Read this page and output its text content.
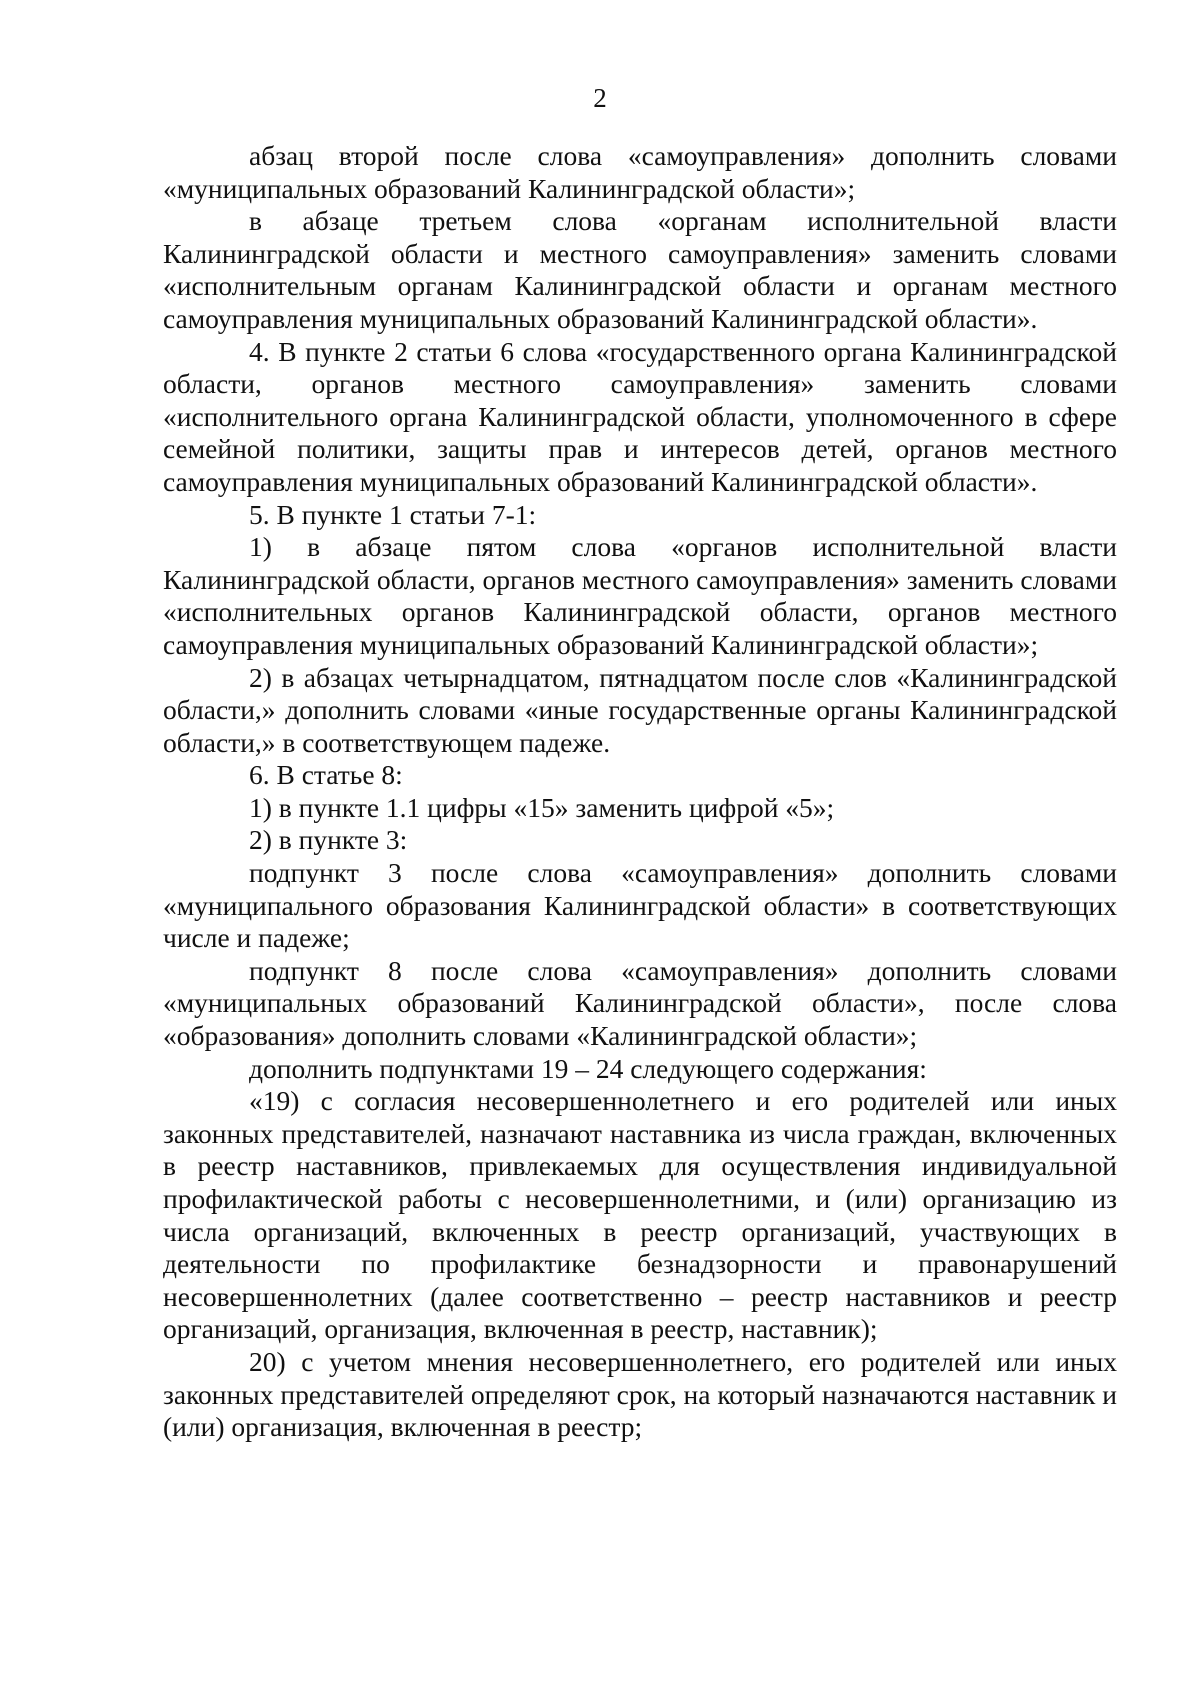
2

абзац второй после слова «самоуправления» дополнить словами «муниципальных образований Калининградской области»;

в абзаце третьем слова «органам исполнительной власти Калининградской области и местного самоуправления» заменить словами «исполнительным органам Калининградской области и органам местного самоуправления муниципальных образований Калининградской области».

4. В пункте 2 статьи 6 слова «государственного органа Калининградской области, органов местного самоуправления» заменить словами «исполнительного органа Калининградской области, уполномоченного в сфере семейной политики, защиты прав и интересов детей, органов местного самоуправления муниципальных образований Калининградской области».

5. В пункте 1 статьи 7-1:

1) в абзаце пятом слова «органов исполнительной власти Калининградской области, органов местного самоуправления» заменить словами «исполнительных органов Калининградской области, органов местного самоуправления муниципальных образований Калининградской области»;

2) в абзацах четырнадцатом, пятнадцатом после слов «Калининградской области,» дополнить словами «иные государственные органы Калининградской области,» в соответствующем падеже.

6. В статье 8:

1) в пункте 1.1 цифры «15» заменить цифрой «5»;

2) в пункте 3:

подпункт 3 после слова «самоуправления» дополнить словами «муниципального образования Калининградской области» в соответствующих числе и падеже;

подпункт 8 после слова «самоуправления» дополнить словами «муниципальных образований Калининградской области», после слова «образования» дополнить словами «Калининградской области»;

дополнить подпунктами 19 – 24 следующего содержания:

«19) с согласия несовершеннолетнего и его родителей или иных законных представителей, назначают наставника из числа граждан, включенных в реестр наставников, привлекаемых для осуществления индивидуальной профилактической работы с несовершеннолетними, и (или) организацию из числа организаций, включенных в реестр организаций, участвующих в деятельности по профилактике безнадзорности и правонарушений несовершеннолетних (далее соответственно – реестр наставников и реестр организаций, организация, включенная в реестр, наставник);

20) с учетом мнения несовершеннолетнего, его родителей или иных законных представителей определяют срок, на который назначаются наставник и (или) организация, включенная в реестр;
